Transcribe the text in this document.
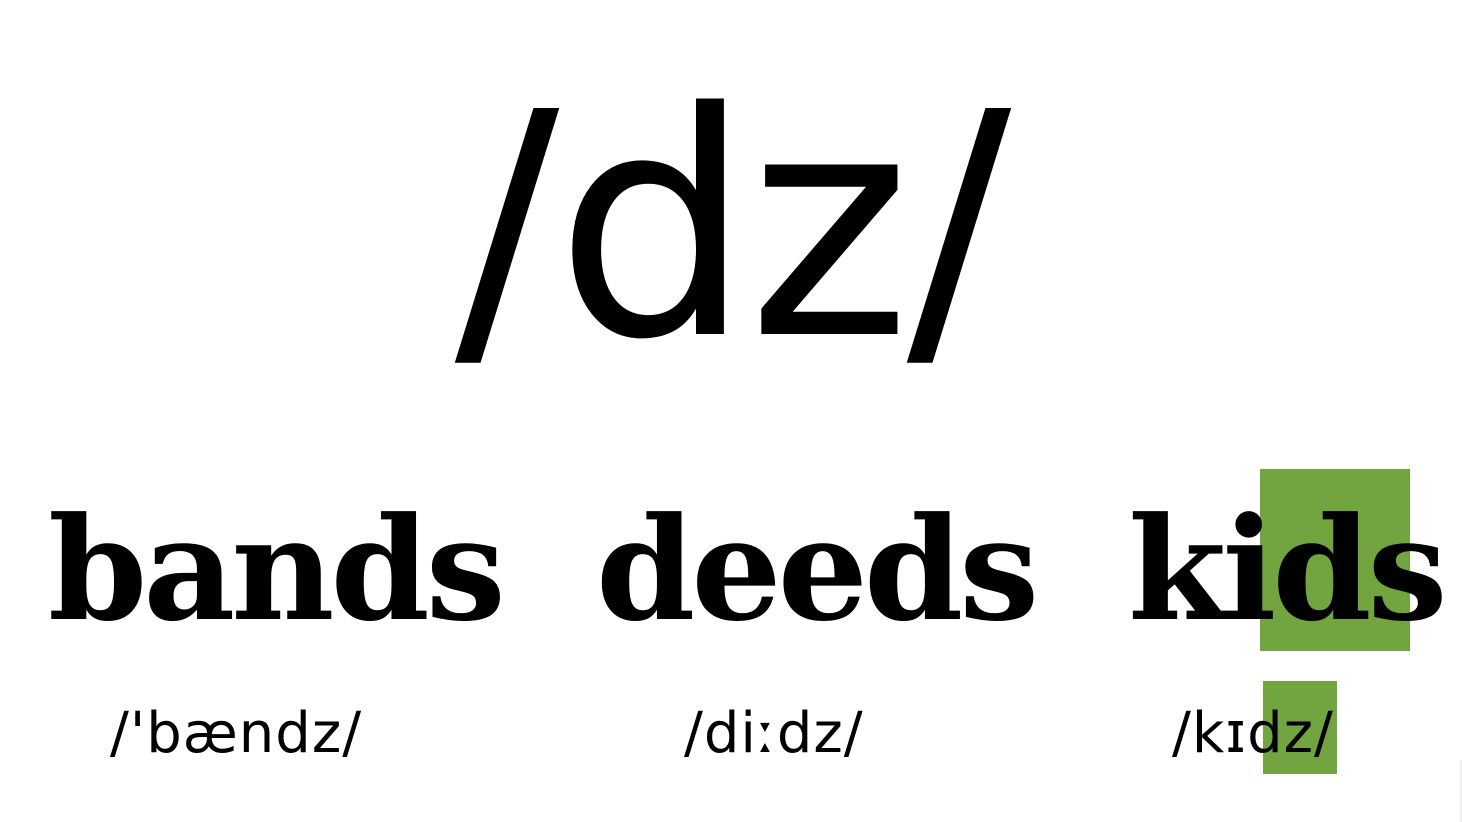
/dz/
bands deeds kids
/'bændz/	/diːdz/	/kɪdz/
